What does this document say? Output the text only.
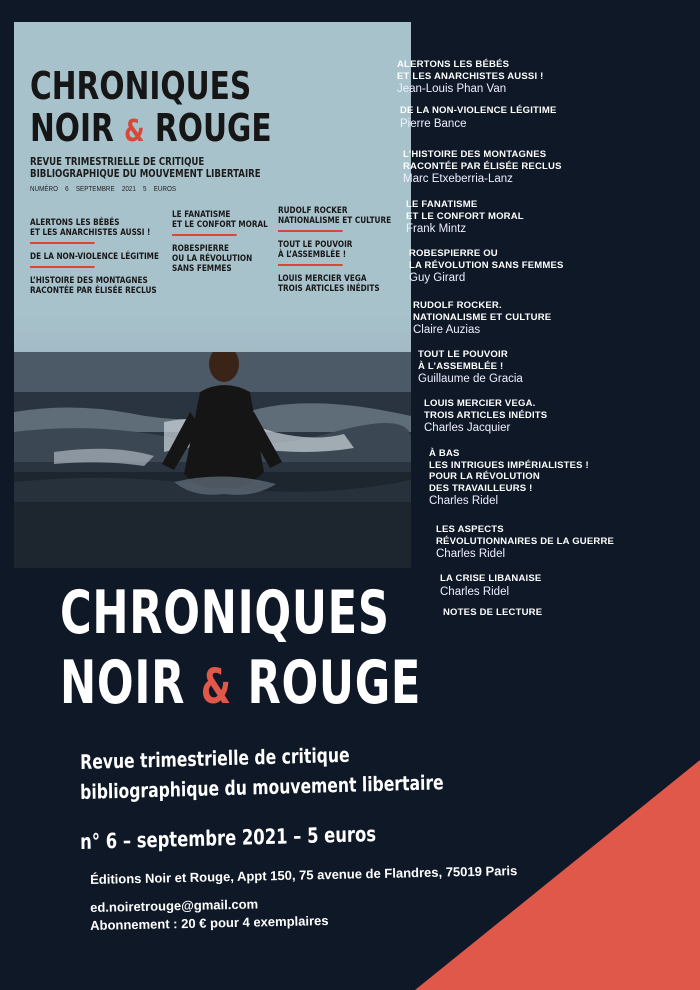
CHRONIQUES
NOIR & ROUGE
REVUE TRIMESTRIELLE DE CRITIQUE
BIBLIOGRAPHIQUE DU MOUVEMENT LIBERTAIRE
NUMÉRO 6 SEPTEMBRE 2021 5 EUROS
ALERTONS LES BÉBÉS
ET LES ANARCHISTES AUSSI !
DE LA NON-VIOLENCE LÉGITIME
L’HISTOIRE DES MONTAGNES
RACONTÉE PAR ÉLISÉE RECLUS
LE FANATISME
ET LE CONFORT MORAL
ROBESPIERRE
OU LA RÉVOLUTION
SANS FEMMES
RUDOLF ROCKER
NATIONALISME ET CULTURE
TOUT LE POUVOIR
À L’ASSEMBLÉE !
LOUIS MERCIER VEGA
TROIS ARTICLES INÉDITS
CHRONIQUES
NOIR & ROUGE
Revue trimestrielle de critique
bibliographique du mouvement libertaire
n° 6 – septembre 2021 – 5 euros
Éditions Noir et Rouge, Appt 150, 75 avenue de Flandres, 75019 Paris
ed.noiretrouge@gmail.com
Abonnement : 20 € pour 4 exemplaires
ALERTONS LES BÉBÉS
ET LES ANARCHISTES AUSSI !
Jean-Louis Phan Van
DE LA NON-VIOLENCE LÉGITIME
Pierre Bance
L’HISTOIRE DES MONTAGNES
RACONTÉE PAR ÉLISÉE RECLUS
Marc Etxeberria-Lanz
LE FANATISME
ET LE CONFORT MORAL
Frank Mintz
ROBESPIERRE OU
LA RÉVOLUTION SANS FEMMES
Guy Girard
RUDOLF ROCKER.
NATIONALISME ET CULTURE
Claire Auzias
TOUT LE POUVOIR
À L’ASSEMBLÉE !
Guillaume de Gracia
LOUIS MERCIER VEGA.
TROIS ARTICLES INÉDITS
Charles Jacquier
À BAS
LES INTRIGUES IMPÉRIALISTES !
POUR LA RÉVOLUTION
DES TRAVAILLEURS !
Charles Ridel
LES ASPECTS
RÉVOLUTIONNAIRES DE LA GUERRE
Charles Ridel
LA CRISE LIBANAISE
Charles Ridel
NOTES DE LECTURE
